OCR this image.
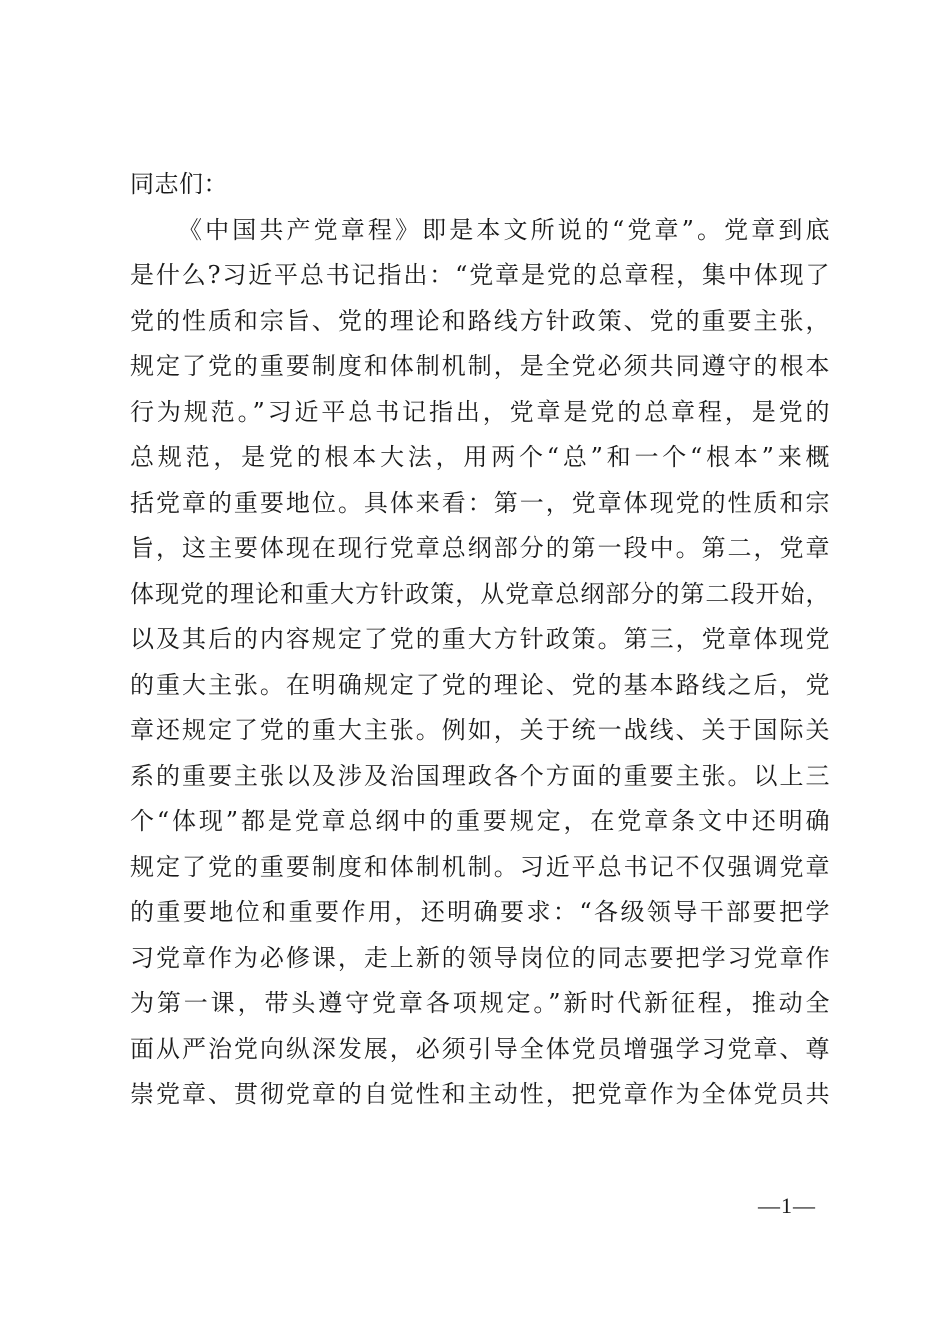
同志们：
《中国共产党章程》即是本文所说的“党章”。党章到底
是什么?习近平总书记指出：“党章是党的总章程，集中体现了
党的性质和宗旨、党的理论和路线方针政策、党的重要主张，
规定了党的重要制度和体制机制，是全党必须共同遵守的根本
行为规范。”习近平总书记指出，党章是党的总章程，是党的
总规范，是党的根本大法，用两个“总”和一个“根本”来概
括党章的重要地位。具体来看：第一，党章体现党的性质和宗
旨，这主要体现在现行党章总纲部分的第一段中。第二，党章
体现党的理论和重大方针政策，从党章总纲部分的第二段开始，
以及其后的内容规定了党的重大方针政策。第三，党章体现党
的重大主张。在明确规定了党的理论、党的基本路线之后，党
章还规定了党的重大主张。例如，关于统一战线、关于国际关
系的重要主张以及涉及治国理政各个方面的重要主张。以上三
个“体现”都是党章总纲中的重要规定，在党章条文中还明确
规定了党的重要制度和体制机制。习近平总书记不仅强调党章
的重要地位和重要作用，还明确要求：“各级领导干部要把学
习党章作为必修课，走上新的领导岗位的同志要把学习党章作
为第一课，带头遵守党章各项规定。”新时代新征程，推动全
面从严治党向纵深发展，必须引导全体党员增强学习党章、尊
崇党章、贯彻党章的自觉性和主动性，把党章作为全体党员共
—1—
